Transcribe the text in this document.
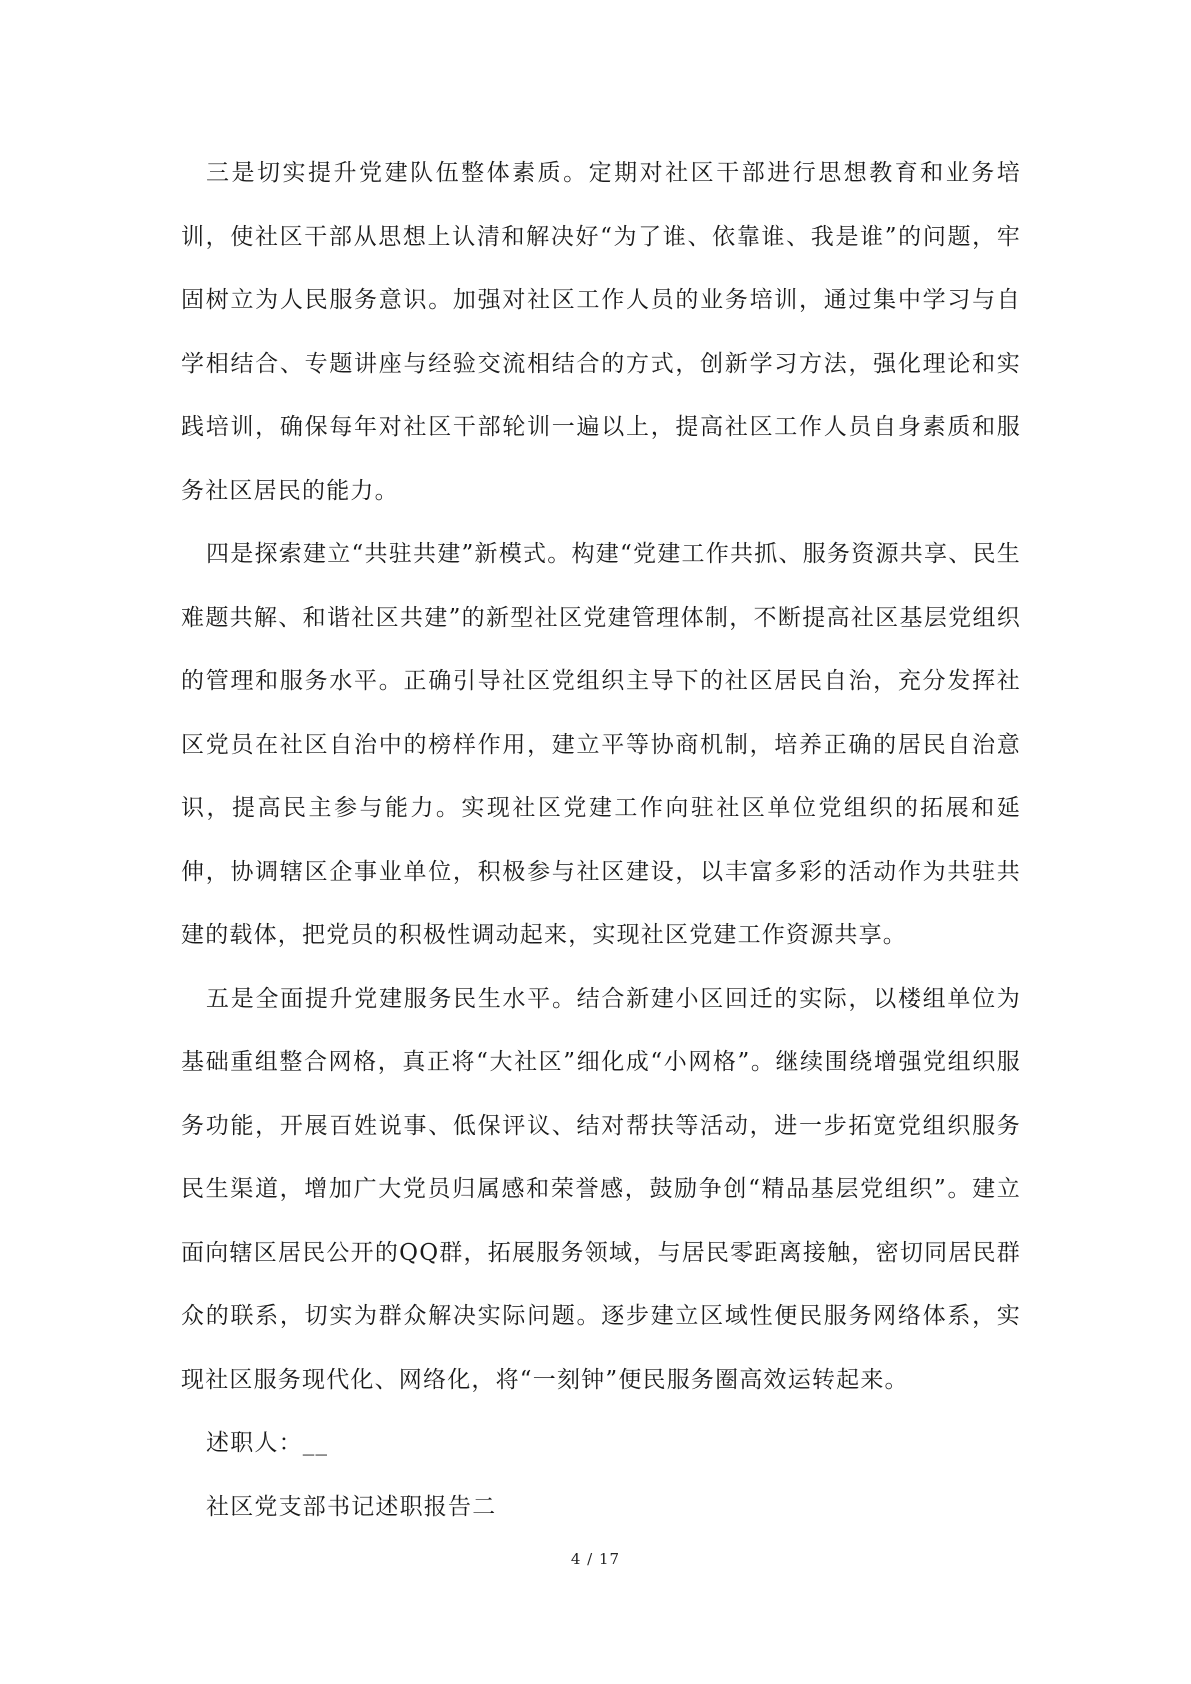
三是切实提升党建队伍整体素质。定期对社区干部进行思想教育和业务培训，使社区干部从思想上认清和解决好“为了谁、依靠谁、我是谁”的问题，牢固树立为人民服务意识。加强对社区工作人员的业务培训，通过集中学习与自学相结合、专题讲座与经验交流相结合的方式，创新学习方法，强化理论和实践培训，确保每年对社区干部轮训一遍以上，提高社区工作人员自身素质和服务社区居民的能力。

四是探索建立“共驻共建”新模式。构建“党建工作共抓、服务资源共享、民生难题共解、和谐社区共建”的新型社区党建管理体制，不断提高社区基层党组织的管理和服务水平。正确引导社区党组织主导下的社区居民自治，充分发挥社区党员在社区自治中的榜样作用，建立平等协商机制，培养正确的居民自治意识，提高民主参与能力。实现社区党建工作向驻社区单位党组织的拓展和延伸，协调辖区企事业单位，积极参与社区建设，以丰富多彩的活动作为共驻共建的载体，把党员的积极性调动起来，实现社区党建工作资源共享。

五是全面提升党建服务民生水平。结合新建小区回迁的实际，以楼组单位为基础重组整合网格，真正将“大社区”细化成“小网格”。继续围绕增强党组织服务功能，开展百姓说事、低保评议、结对帮扶等活动，进一步拓宽党组织服务民生渠道，增加广大党员归属感和荣誉感，鼓励争创“精品基层党组织”。建立面向辖区居民公开的QQ群，拓展服务领域，与居民零距离接触，密切同居民群众的联系，切实为群众解决实际问题。逐步建立区域性便民服务网络体系，实现社区服务现代化、网络化，将“一刻钟”便民服务圈高效运转起来。

述职人：__

社区党支部书记述职报告二

4 / 17
